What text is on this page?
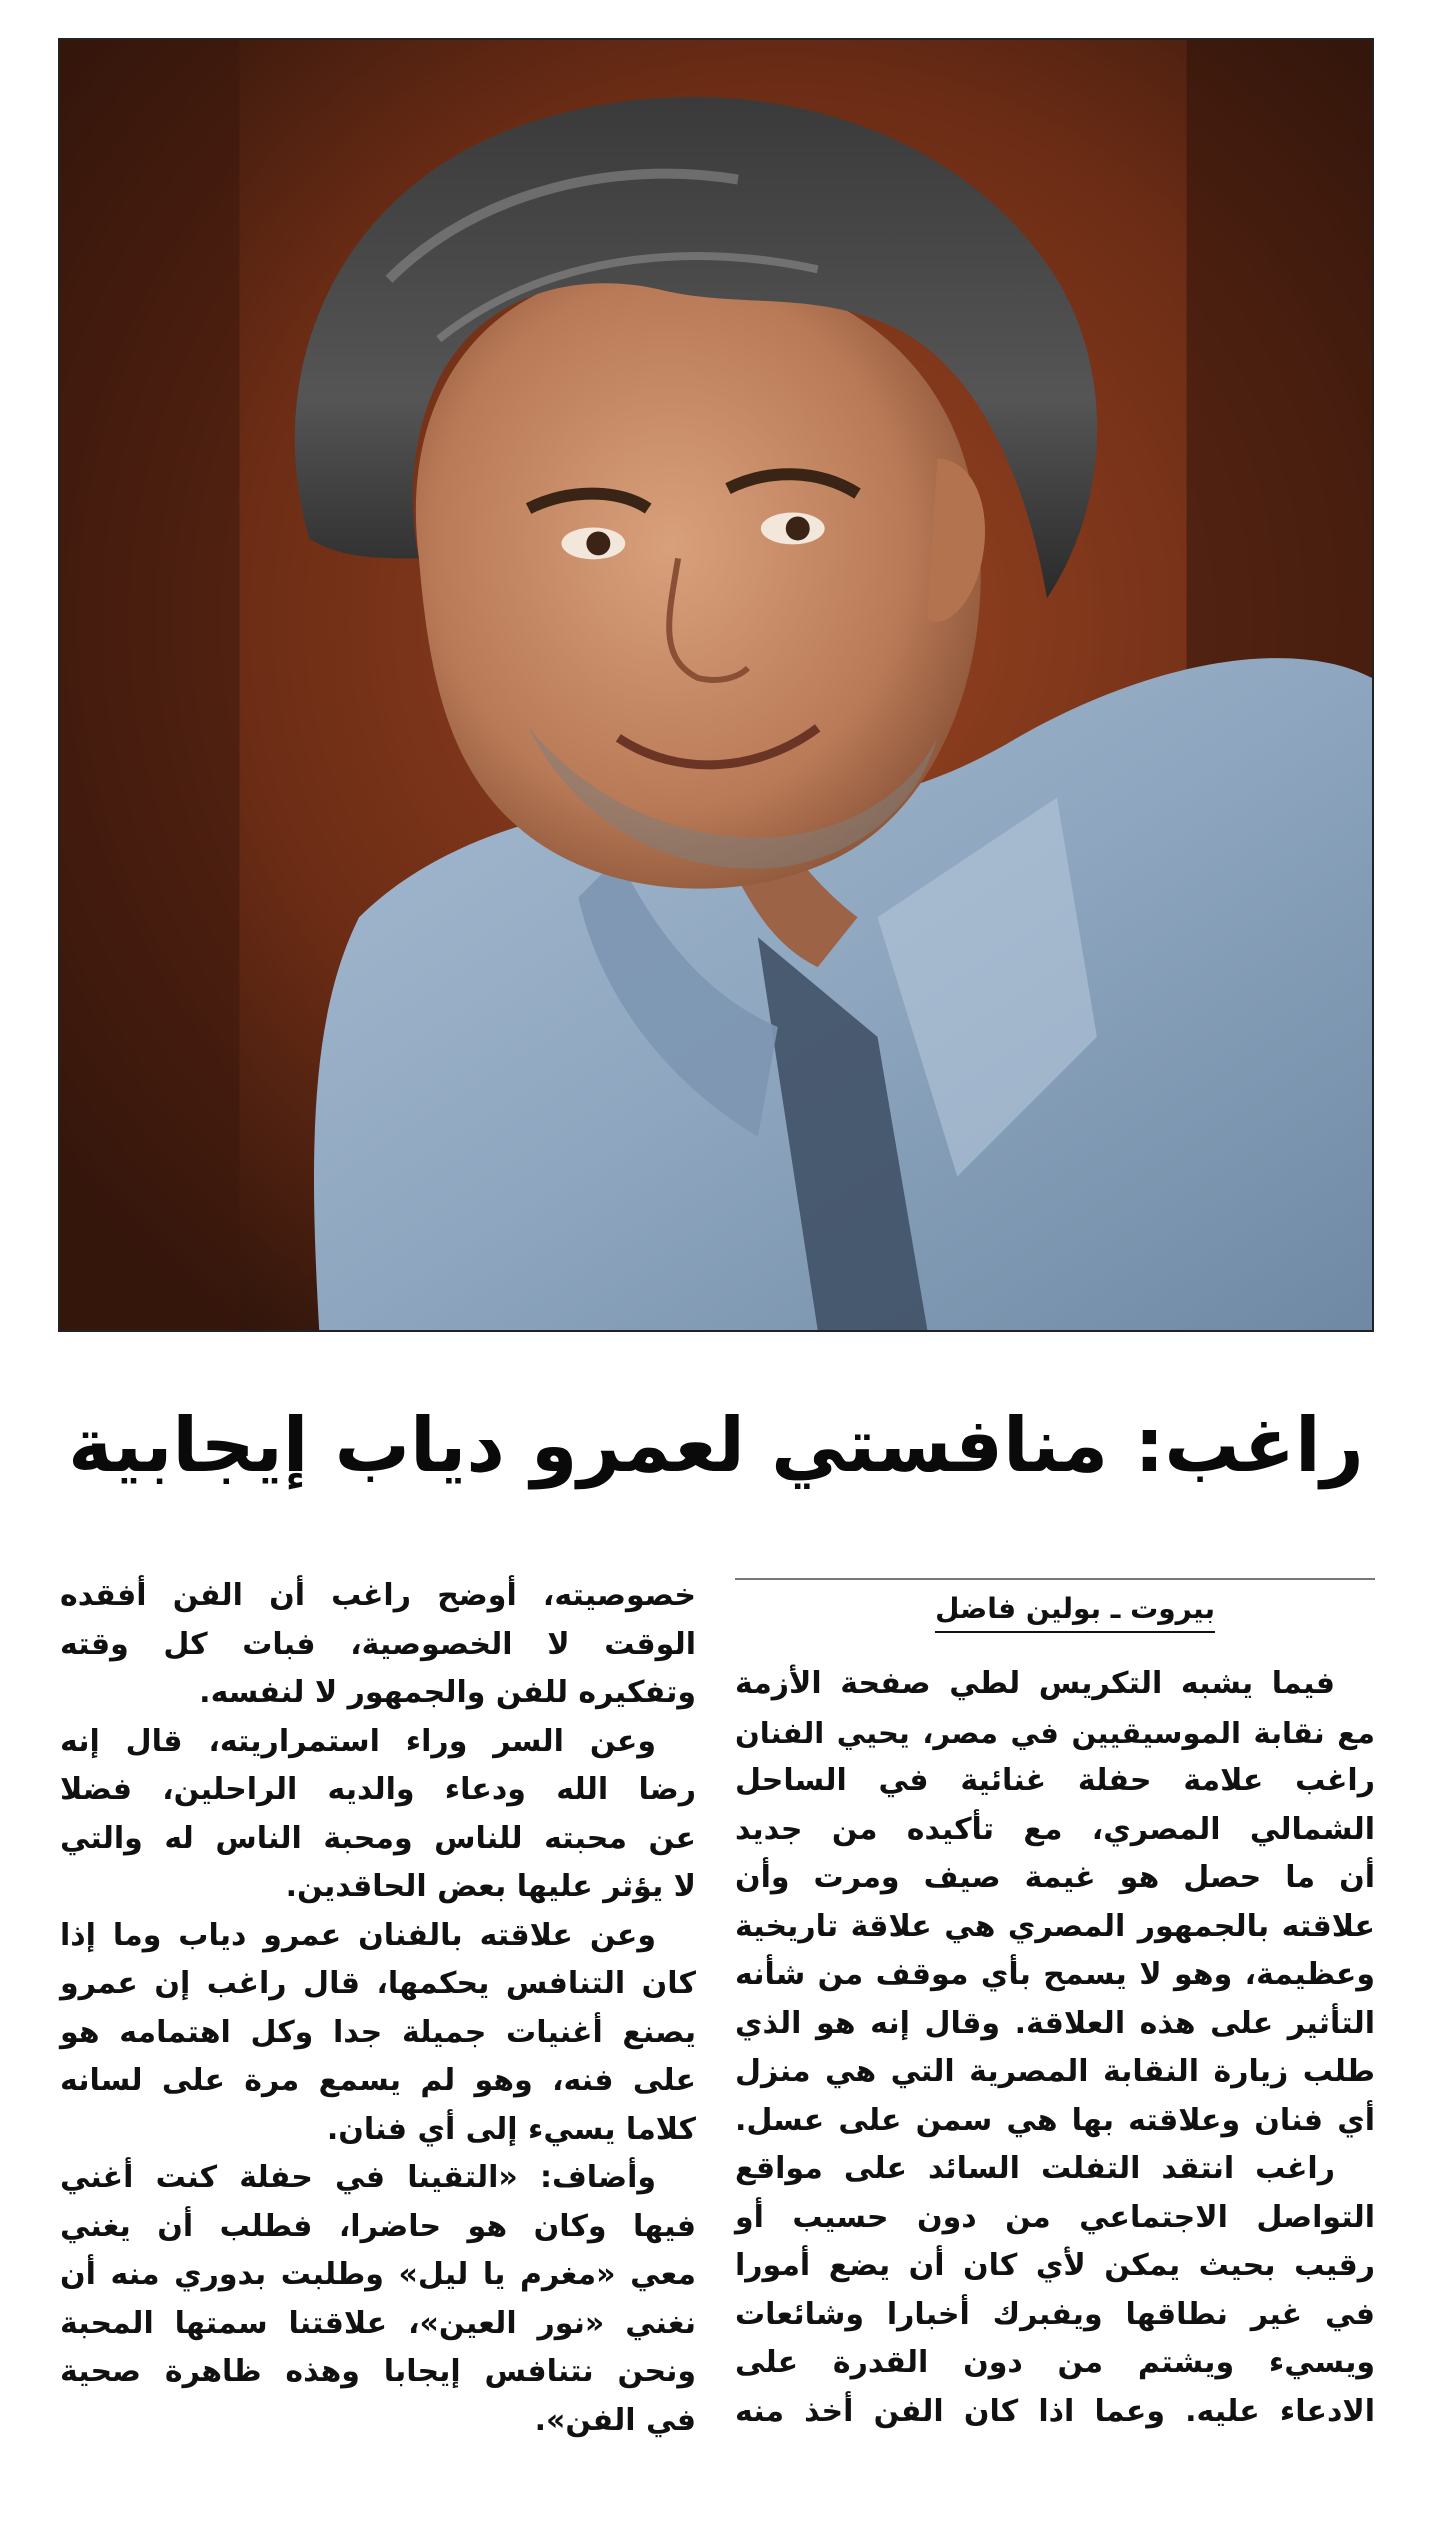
راغب: منافستي لعمرو دياب إيجابية
بيروت ـ بولين فاضل
فيما يشبه التكريس لطي صفحة الأزمة
مع نقابة الموسيقيين في مصر، يحيي الفنان
راغب علامة حفلة غنائية في الساحل
الشمالي المصري، مع تأكيده من جديد
أن ما حصل هو غيمة صيف ومرت وأن
علاقته بالجمهور المصري هي علاقة تاريخية
وعظيمة، وهو لا يسمح بأي موقف من شأنه
التأثير على هذه العلاقة. وقال إنه هو الذي
طلب زيارة النقابة المصرية التي هي منزل
أي فنان وعلاقته بها هي سمن على عسل.
راغب انتقد التفلت السائد على مواقع
التواصل الاجتماعي من دون حسيب أو
رقيب بحيث يمكن لأي كان أن يضع أمورا
في غير نطاقها ويفبرك أخبارا وشائعات
ويسيء ويشتم من دون القدرة على
الادعاء عليه. وعما اذا كان الفن أخذ منه
خصوصيته، أوضح راغب أن الفن أفقده
الوقت لا الخصوصية، فبات كل وقته
وتفكيره للفن والجمهور لا لنفسه.
وعن السر وراء استمراريته، قال إنه
رضا الله ودعاء والديه الراحلين، فضلا
عن محبته للناس ومحبة الناس له والتي
لا يؤثر عليها بعض الحاقدين.
وعن علاقته بالفنان عمرو دياب وما إذا
كان التنافس يحكمها، قال راغب إن عمرو
يصنع أغنيات جميلة جدا وكل اهتمامه هو
على فنه، وهو لم يسمع مرة على لسانه
كلاما يسيء إلى أي فنان.
وأضاف: «التقينا في حفلة كنت أغني
فيها وكان هو حاضرا، فطلب أن يغني
معي «مغرم يا ليل» وطلبت بدوري منه أن
نغني «نور العين»، علاقتنا سمتها المحبة
ونحن نتنافس إيجابا وهذه ظاهرة صحية
في الفن».
